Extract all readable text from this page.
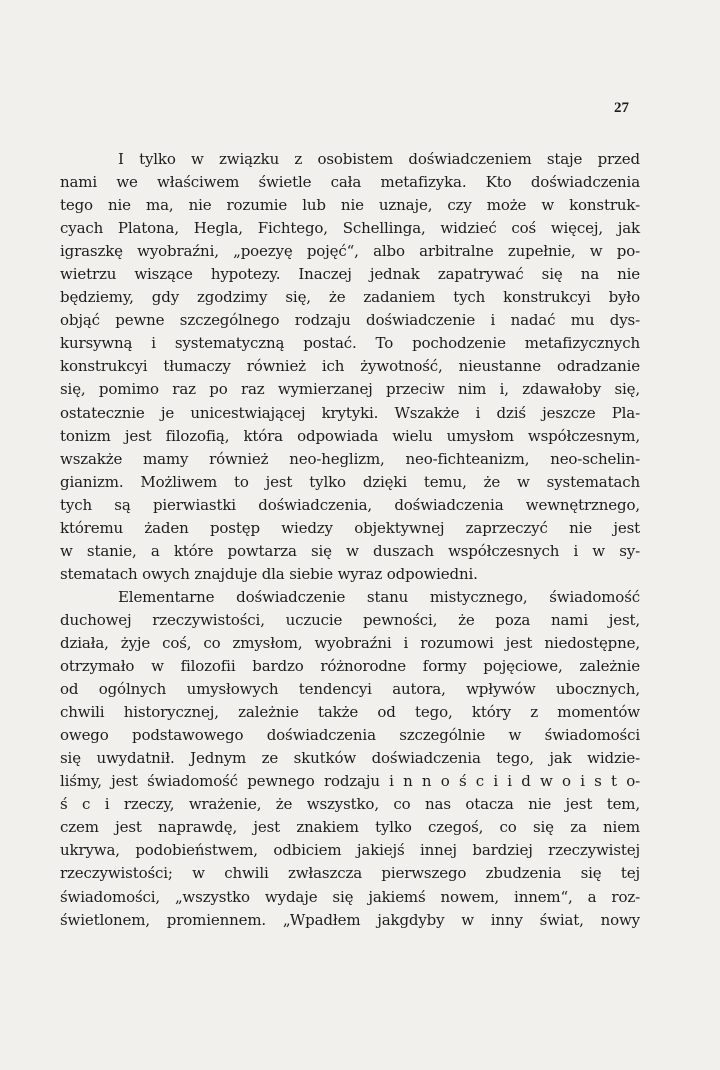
27
I tylko w związku z osobistem doświadczeniem staje przed
nami we właściwem świetle cała metafizyka. Kto doświadczenia
tego nie ma, nie rozumie lub nie uznaje, czy może w konstruk-
cyach Platona, Hegla, Fichtego, Schellinga, widzieć coś więcej, jak
igraszkę wyobraźni, „poezyę pojęć“, albo arbitralne zupełnie, w po-
wietrzu wiszące hypotezy. Inaczej jednak zapatrywać się na nie
będziemy, gdy zgodzimy się, że zadaniem tych konstrukcyi było
objąć pewne szczególnego rodzaju doświadczenie i nadać mu dys-
kursywną i systematyczną postać. To pochodzenie metafizycznych
konstrukcyi tłumaczy również ich żywotność, nieustanne odradzanie
się, pomimo raz po raz wymierzanej przeciw nim i, zdawałoby się,
ostatecznie je unicestwiającej krytyki. Wszakże i dziś jeszcze Pla-
tonizm jest filozofią, która odpowiada wielu umysłom współczesnym,
wszakże mamy również neo-heglizm, neo-fichteanizm, neo-schelin-
gianizm. Możliwem to jest tylko dzięki temu, że w systematach
tych są pierwiastki doświadczenia, doświadczenia wewnętrznego,
któremu żaden postęp wiedzy objektywnej zaprzeczyć nie jest
w stanie, a które powtarza się w duszach współczesnych i w sy-
stematach owych znajduje dla siebie wyraz odpowiedni.
Elementarne doświadczenie stanu mistycznego, świadomość
duchowej rzeczywistości, uczucie pewności, że poza nami jest,
działa, żyje coś, co zmysłom, wyobraźni i rozumowi jest niedostępne,
otrzymało w filozofii bardzo różnorodne formy pojęciowe, zależnie
od ogólnych umysłowych tendencyi autora, wpływów ubocznych,
chwili historycznej, zależnie także od tego, który z momentów
owego podstawowego doświadczenia szczególnie w świadomości
się uwydatnił. Jednym ze skutków doświadczenia tego, jak widzie-
liśmy, jest świadomość pewnego rodzaju i n n o ś c i i d w o i s t o-
ś c i rzeczy, wrażenie, że wszystko, co nas otacza nie jest tem,
czem jest naprawdę, jest znakiem tylko czegoś, co się za niem
ukrywa, podobieństwem, odbiciem jakiejś innej bardziej rzeczywistej
rzeczywistości; w chwili zwłaszcza pierwszego zbudzenia się tej
świadomości, „wszystko wydaje się jakiemś nowem, innem“, a roz-
świetlonem, promiennem. „Wpadłem jakgdyby w inny świat, nowy
